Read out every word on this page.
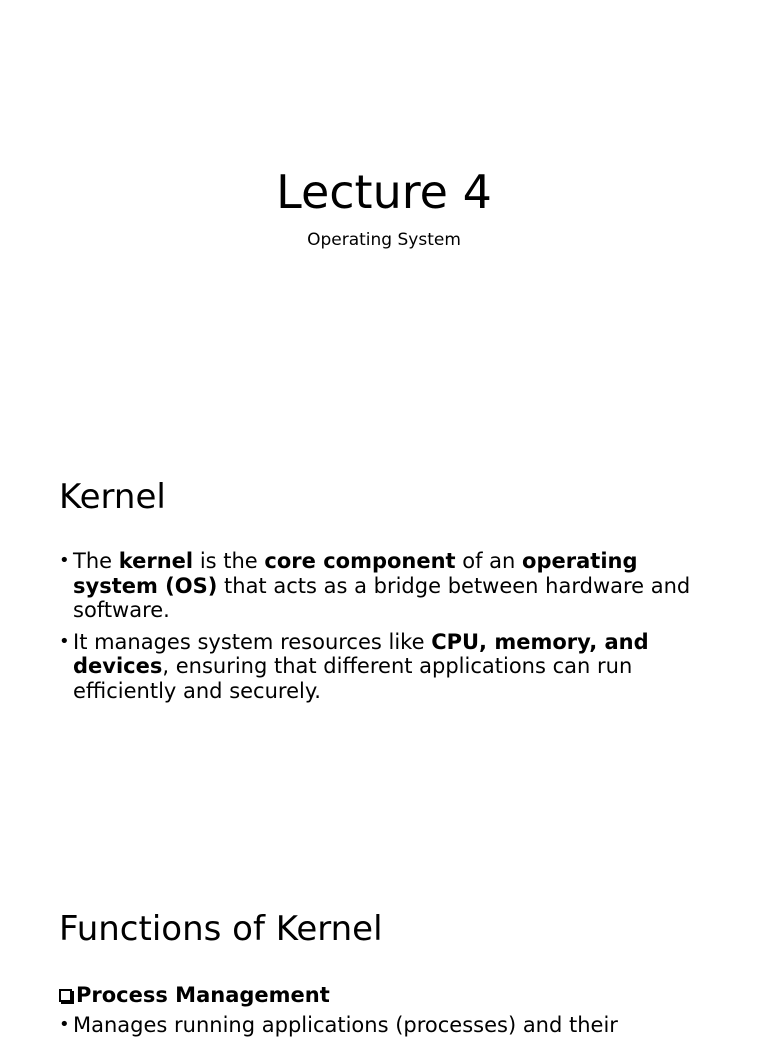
Lecture 4

Operating System

Kernel
• The kernel is the core component of an operating system (OS) that acts as a bridge between hardware and software.
• It manages system resources like CPU, memory, and devices, ensuring that different applications can run efficiently and securely.
Functions of Kernel

Process Management

• Manages running applications (processes) and their
